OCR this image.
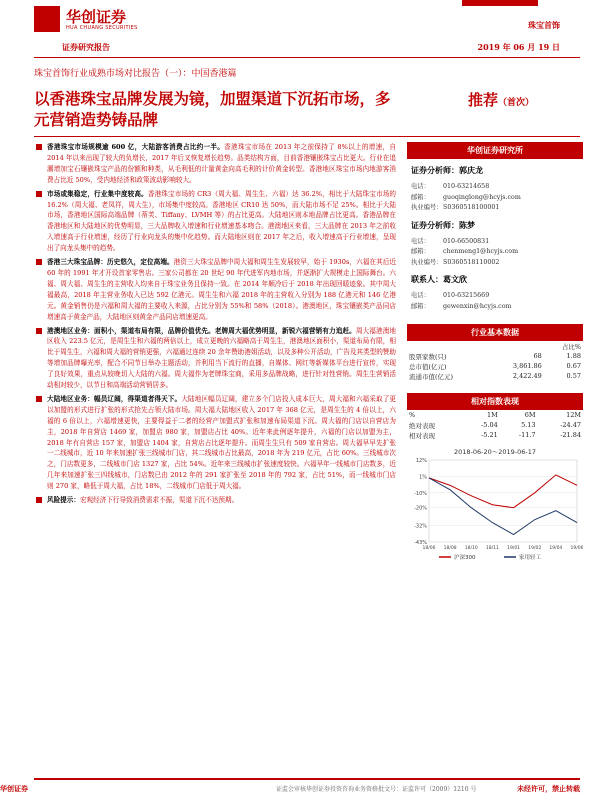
华创证券
HUA CHUANG SECURITIES
证券研究报告
珠宝首饰
2019 年 06 月 19 日
珠宝首饰行业成熟市场对比报告（一）：中国香港篇
以香港珠宝品牌发展为镜，加盟渠道下沉拓市场，多元营销造势铸品牌
推荐（首次）
香港珠宝市场规模逾 600 亿，大陆游客消费占比约一半。香港珠宝市场在 2013 年之前保持了 8%以上的增速，自 2014 年以来出现了较大的负增长，2017 年后又恢复增长趋势。品类结构方面，目前香港镶嵌珠宝占比更大。行业在追潮增加宝石镶嵌珠宝产品的份额和种类，从毛利低的计量黄金向高毛利的计价黄金转型。香港地区珠宝市场内地游客消费占比近 50%，受内地经济和政策波动影响较大。
市场或集稳定，行业集中度较高。香港珠宝市场的 CR3（周大福、周生生、六福）达 36.2%，相比于大陆珠宝市场的 16.2%（周大福、老凤祥，周大生），市场集中度较高。香港地区 CR10 达 50%，而大陆市场不足 25%。相比于大陆市场，香港地区国际高端品牌（蒂芙、Tiffany、LVMH 等）的占比更高。大陆地区则本地品牌占比更高。香港品牌在香港地区和大陆地区的优势明显，三大品牌收入增速和行业增速基本吻合。港澳地区来看，三大品牌在 2013 年之前收入增速高于行业增速，经历了行业向龙头的集中化趋势。而大陆地区则在 2017 年之后，收入增速高于行业增速，呈现出了向龙头集中的趋势。
香港三大珠宝品牌：历史悠久，定位高端。港资三大珠宝品牌中周大福和周生生发展较早，始于 1930s，六福在其后近 60 年的 1991 年才开设首家零售店。三家公司都在 20 世纪 90 年代进军内地市场，并逐渐扩大规模走上国际舞台。六福、周大福、周生生的主营收入均来自于珠宝业务且保持一致。在 2014 年顺冷后于 2018 年出现回暖迹象。其中周大福最高，2018 年主营业务收入已达 592 亿港元。周生生和六福 2018 年的主营收入分别为 188 亿港元和 146 亿港元。黄金销售仍是六福和周大福的主要收入来源，占比分别为 55%和 58%（2018）。港澳地区，珠宝镶嵌类产品同店增速高于黄金产品，大陆地区则黄金产品同店增速更高。
港澳地区业务：面积小，渠道布局有限，品牌价值优先。老牌周大福优势明显，新锐六福营销有力追赶。周大福港澳地区收入 223.5 亿元，是周生生和六福的两倍以上，成立更晚的六福略高于周生生，港澳地区面积小，渠道布局有限，相比于周生生，六福和周大福的营销更强，六福通过连续 20 余年赞助港姐活动，以及多种公开活动，广告及其类型的赞助等增加品牌曝光率，配合不同节日举办主题活动，并利用当下流行的直播，自媒体、网红等新媒体平台进行宣传，实现了良好效果，重点从较晚切入大陆的六福。周大福作为老牌珠宝商，采用多品牌战略，进行针对性营销。周生生营销活动相对较少，以节日和高端活动营销居多。
大陆地区业务：幅员辽阔，得渠道者得天下。大陆地区幅员辽阔，建立多个门店投入成本巨大，周大福和六福采取了更以加盟的形式进行扩张的形式抢先占领大陆市场。周大福大陆地区收入 2017 年 368 亿元，是周生生的 4 倍以上，六福的 6 倍以上，六福增速更快，主要得益于二者的经营产加盟式扩张和加速布局渠道下沉。周大福的门店以自营店为主，2018 年自营店 1469 家，加盟店 980 家，加盟店占比 40%。近年来此例逐年提升，六福的门店以加盟为主，2018 年有自营店 157 家，加盟店 1404 家，自营店占比逐年提升。而周生生只有 509 家自营店。周大福早早先扩张一二线城市，近 10 年来加速扩张三线城市门店，其二线城市占比最高，2018 年为 219 亿元，占比 60%。三线城市次之，门店数更多，二线城市门店 1327 家，占比 54%。近年来三线城市扩张速度较快。六福早年一线城市门店数多，近几年来加速扩张三四线城市，门店数已由 2012 年的 291 家扩张至 2018 年的 792 家，占比 51%，而一线城市门店则 270 家，略低于周大福，占比 18%，二线城市门店低于周大福。
风险提示：宏观经济下行导致消费需求不振，渠道下沉不达预期。
华创证券研究所
证券分析师：郭庆龙
电话： 010-63214658
邮箱： guoqinglong@hcyjs.com
执业编号：S0360518100001
证券分析师：陈梦
电话： 010-66500831
邮箱： chenmeng1@hcyjs.com
执业编号：S0360518110002
联系人：葛文欣
电话： 010-63215669
邮箱： gewenxin@hcyjs.com
行业基本数据
		占比%
股票家数(只)	68	1.88
总市值(亿元)	3,861.86	0.67
流通市值(亿元)	2,422.49	0.57
相对指数表现
%	1M	6M	12M
绝对表现	-5.04	5.13	-24.47
相对表现	-5.21	-11.7	-21.84
2018-06-20～2019-06-17
12%
1%
-10%
-20%
-32%
-43%
18/06 18/08 18/10 18/11 19/01 19/02 19/04 19/06
沪深300	家用轻工
华创证券	证监会审核华创证券投资咨询业务资格批文号：证监许可（2009）1210 号	未经许可，禁止转载
